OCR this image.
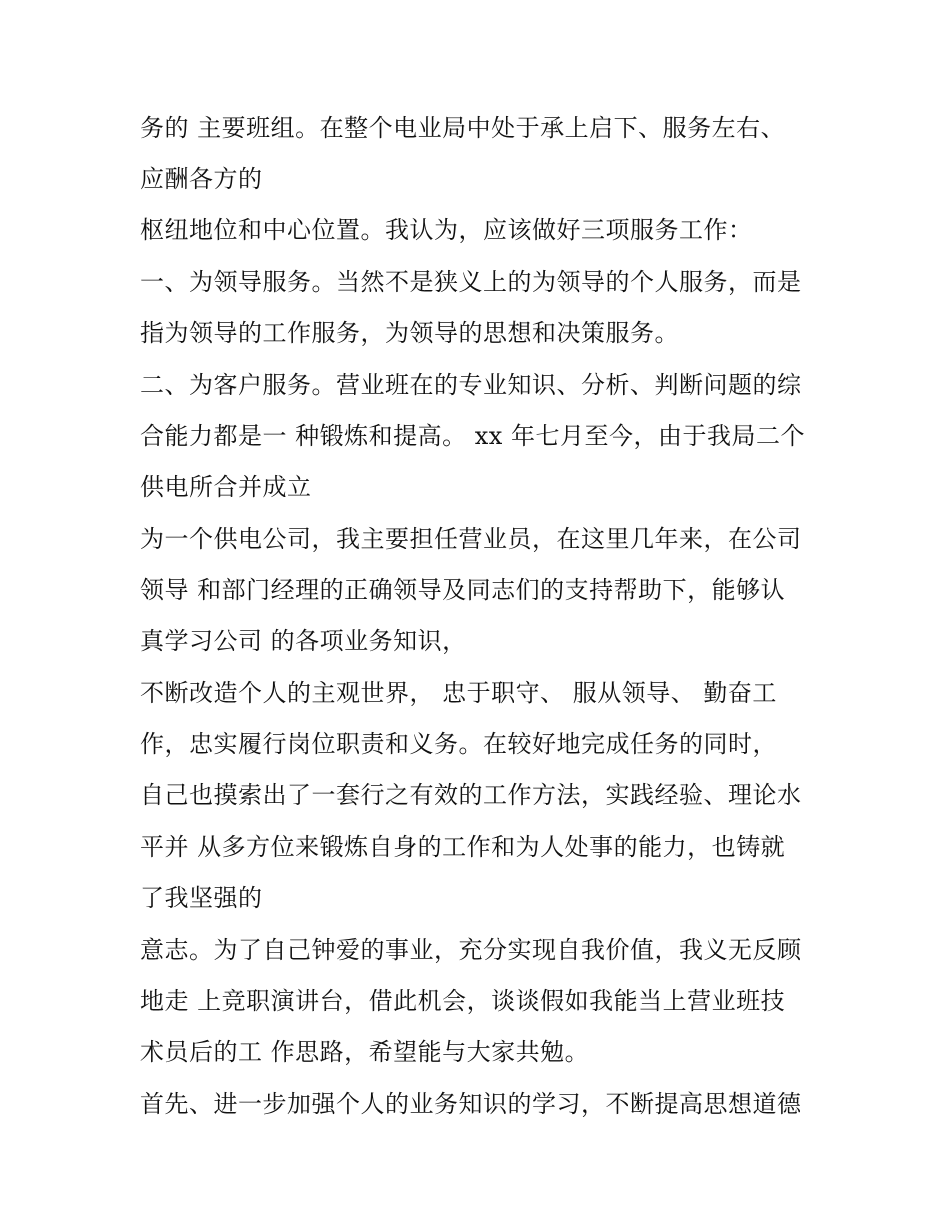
务的 主要班组。在整个电业局中处于承上启下、服务左右、
应酬各方的
枢纽地位和中心位置。我认为，应该做好三项服务工作：
一、为领导服务。当然不是狭义上的为领导的个人服务，而是
指为领导的工作服务，为领导的思想和决策服务。
二、为客户服务。营业班在的专业知识、分析、判断问题的综
合能力都是一 种锻炼和提高。 xx 年七月至今，由于我局二个
供电所合并成立
为一个供电公司，我主要担任营业员，在这里几年来，在公司
领导 和部门经理的正确领导及同志们的支持帮助下，能够认
真学习公司 的各项业务知识，
不断改造个人的主观世界， 忠于职守、 服从领导、 勤奋工
作，忠实履行岗位职责和义务。在较好地完成任务的同时，
自己也摸索出了一套行之有效的工作方法，实践经验、理论水
平并 从多方位来锻炼自身的工作和为人处事的能力，也铸就
了我坚强的
意志。为了自己钟爱的事业，充分实现自我价值，我义无反顾
地走 上竞职演讲台，借此机会，谈谈假如我能当上营业班技
术员后的工 作思路，希望能与大家共勉。
首先、进一步加强个人的业务知识的学习，不断提高思想道德
